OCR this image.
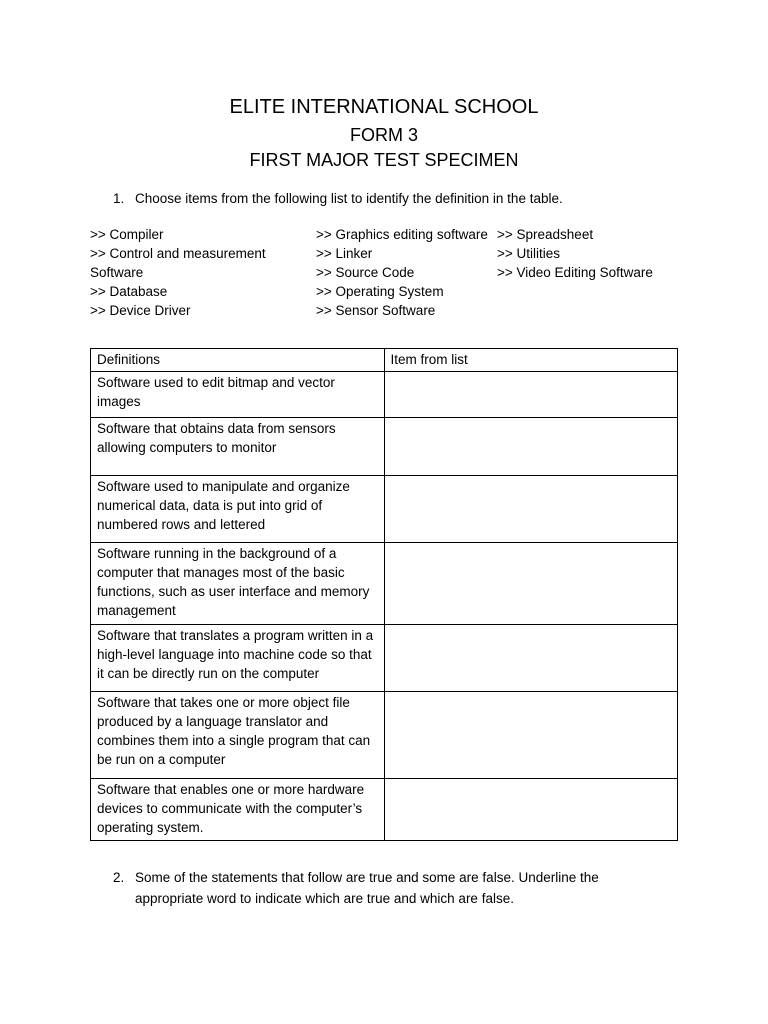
ELITE INTERNATIONAL SCHOOL
FORM 3
FIRST MAJOR TEST SPECIMEN
1. Choose items from the following list to identify the definition in the table.
>> Compiler
>> Control and measurement
Software
>> Database
>> Device Driver
>> Graphics editing software
>> Linker
>> Source Code
>> Operating System
>> Sensor Software
>> Spreadsheet
>> Utilities
>> Video Editing Software
Definitions	Item from list
Software used to edit bitmap and vector images	
Software that obtains data from sensors allowing computers to monitor	
Software used to manipulate and organize numerical data, data is put into grid of numbered rows and lettered	
Software running in the background of a computer that manages most of the basic functions, such as user interface and memory management	
Software that translates a program written in a high-level language into machine code so that it can be directly run on the computer	
Software that takes one or more object file produced by a language translator and combines them into a single program that can be run on a computer	
Software that enables one or more hardware devices to communicate with the computer’s operating system.	
2. Some of the statements that follow are true and some are false. Underline the appropriate word to indicate which are true and which are false.
